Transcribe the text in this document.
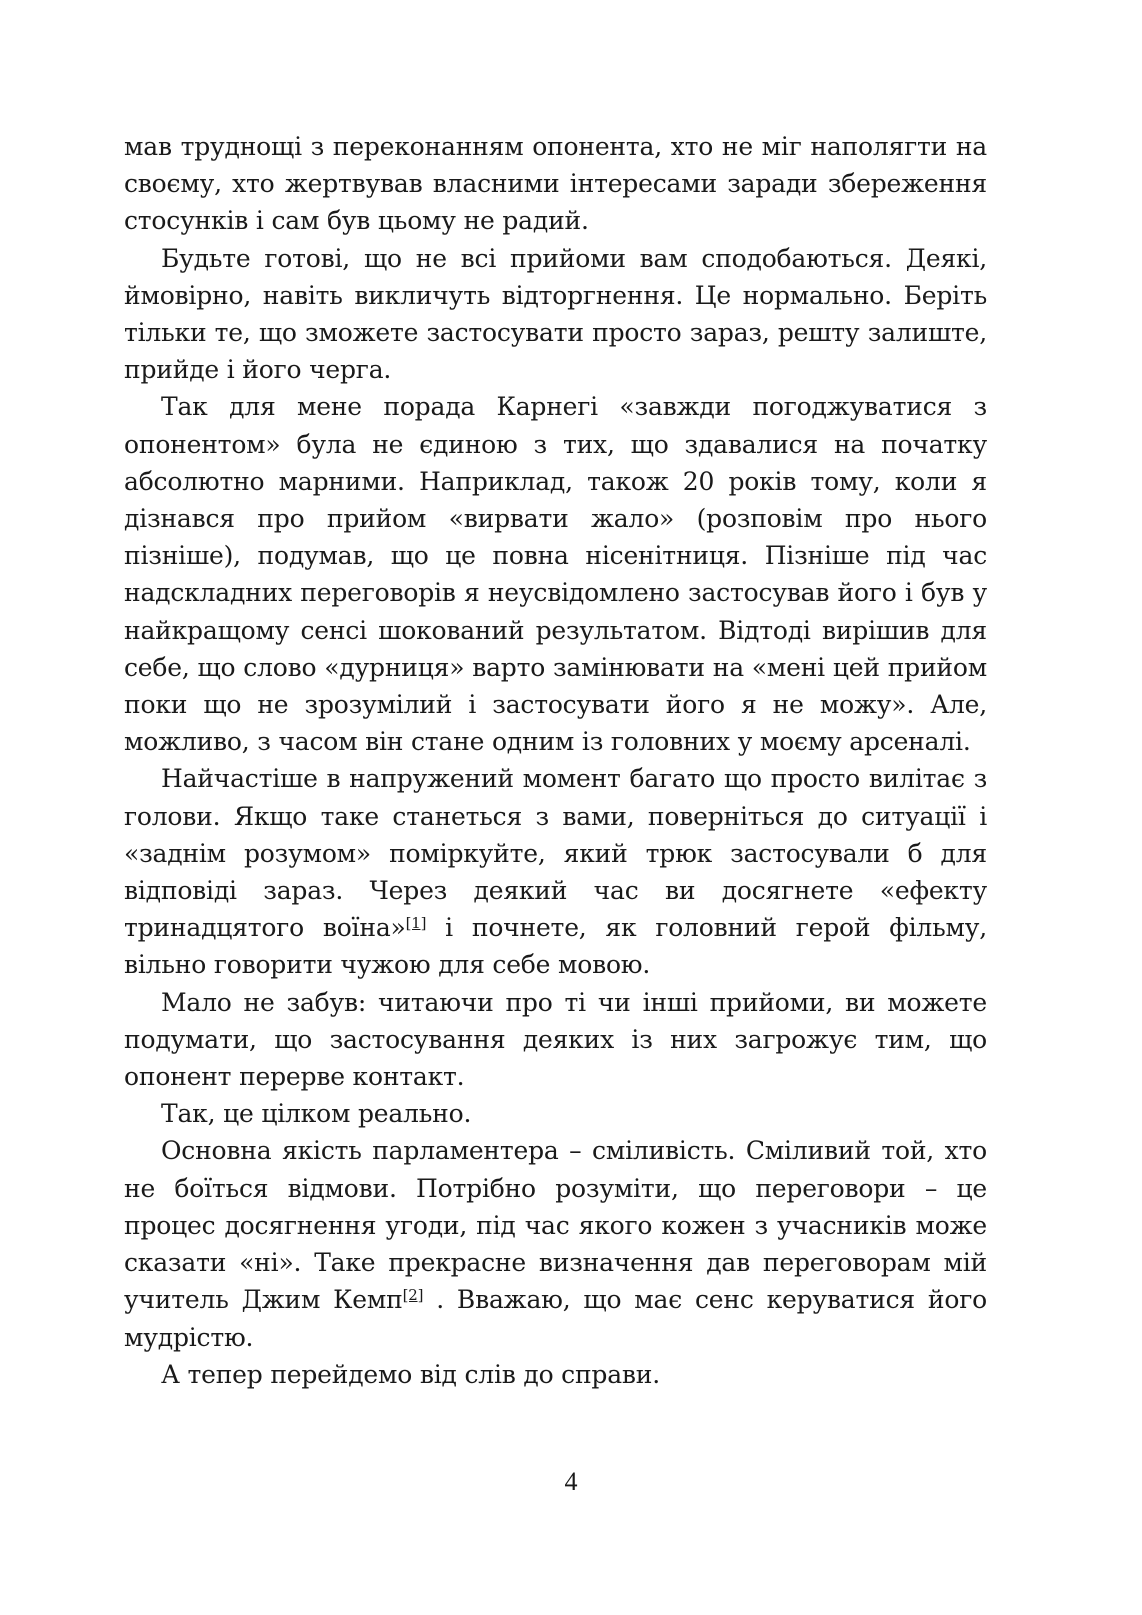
мав труднощі з переконанням опонента, хто не міг наполягти на своєму, хто жертвував власними інтересами заради збереження стосунків і сам був цьому не радий.

Будьте готові, що не всі прийоми вам сподобаються. Деякі, ймовірно, навіть викличуть відторгнення. Це нормально. Беріть тільки те, що зможете застосувати просто зараз, решту залиште, прийде і його черга.

Так для мене порада Карнегі «завжди погоджуватися з опонентом» була не єдиною з тих, що здавалися на початку абсолютно марними. Наприклад, також 20 років тому, коли я дізнався про прийом «вирвати жало» (розповім про нього пізніше), подумав, що це повна нісенітниця. Пізніше під час надскладних переговорів я неусвідомлено застосував його і був у найкращому сенсі шокований результатом. Відтоді вирішив для себе, що слово «дурниця» варто замінювати на «мені цей прийом поки що не зрозумілий і застосувати його я не можу». Але, можливо, з часом він стане одним із головних у моєму арсеналі.

Найчастіше в напружений момент багато що просто вилітає з голови. Якщо таке станеться з вами, поверніться до ситуації і «заднім розумом» поміркуйте, який трюк застосували б для відповіді зараз. Через деякий час ви досягнете «ефекту тринадцятого воїна»[1] і почнете, як головний герой фільму, вільно говорити чужою для себе мовою.

Мало не забув: читаючи про ті чи інші прийоми, ви можете подумати, що застосування деяких із них загрожує тим, що опонент перерве контакт.

Так, це цілком реально.

Основна якість парламентера – сміливість. Сміливий той, хто не боїться відмови. Потрібно розуміти, що переговори – це процес досягнення угоди, під час якого кожен з учасників може сказати «ні». Таке прекрасне визначення дав переговорам мій учитель Джим Кемп[2] . Вважаю, що має сенс керуватися його мудрістю.

А тепер перейдемо від слів до справи.

4
